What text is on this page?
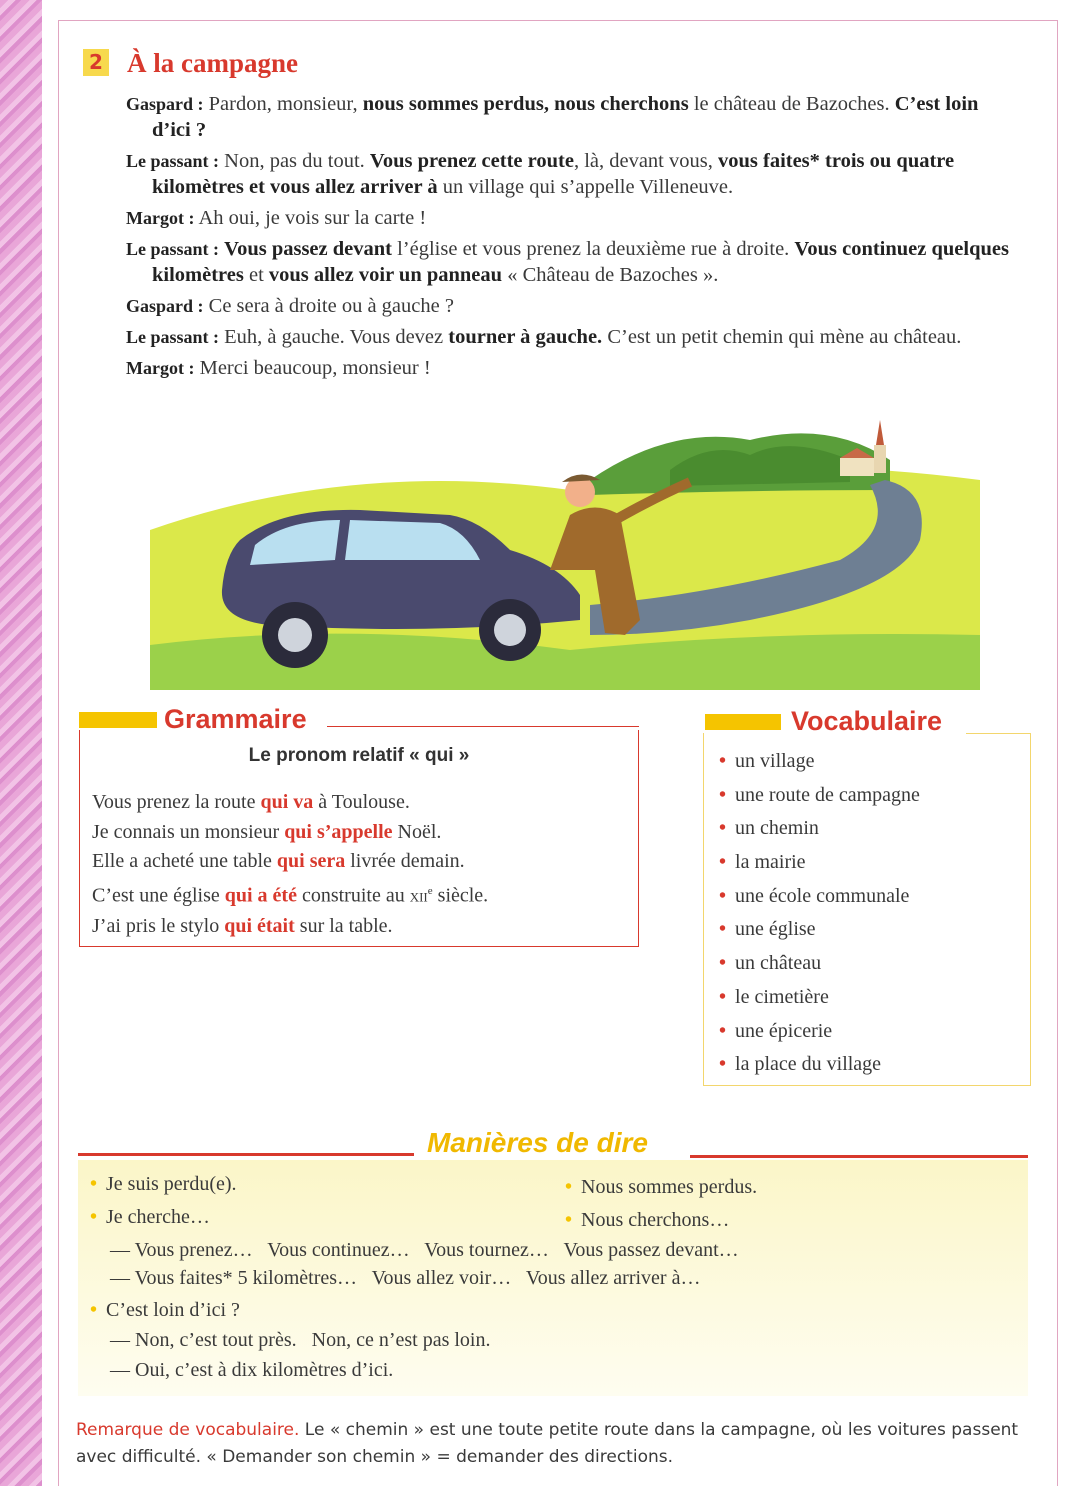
2 À la campagne
Gaspard : Pardon, monsieur, nous sommes perdus, nous cherchons le château de Bazoches. C’est loin d’ici ?
Le passant : Non, pas du tout. Vous prenez cette route, là, devant vous, vous faites* trois ou quatre kilomètres et vous allez arriver à un village qui s’appelle Villeneuve.
Margot : Ah oui, je vois sur la carte !
Le passant : Vous passez devant l’église et vous prenez la deuxième rue à droite. Vous continuez quelques kilomètres et vous allez voir un panneau « Château de Bazoches ».
Gaspard : Ce sera à droite ou à gauche ?
Le passant : Euh, à gauche. Vous devez tourner à gauche. C’est un petit chemin qui mène au château.
Margot : Merci beaucoup, monsieur !
Grammaire
Le pronom relatif « qui »
Vous prenez la route qui va à Toulouse.
Je connais un monsieur qui s’appelle Noël.
Elle a acheté une table qui sera livrée demain.
C’est une église qui a été construite au XIIe siècle.
J’ai pris le stylo qui était sur la table.
Vocabulaire
• un village
• une route de campagne
• un chemin
• la mairie
• une école communale
• une église
• un château
• le cimetière
• une épicerie
• la place du village
Manières de dire
• Je suis perdu(e).	• Nous sommes perdus.
• Je cherche…	• Nous cherchons…
— Vous prenez…   Vous continuez…   Vous tournez…   Vous passez devant…
— Vous faites* 5 kilomètres…   Vous allez voir…   Vous allez arriver à…
• C’est loin d’ici ?
— Non, c’est tout près.   Non, ce n’est pas loin.
— Oui, c’est à dix kilomètres d’ici.
Remarque de vocabulaire. Le « chemin » est une toute petite route dans la campagne, où les voitures passent avec difficulté. « Demander son chemin » = demander des directions.
